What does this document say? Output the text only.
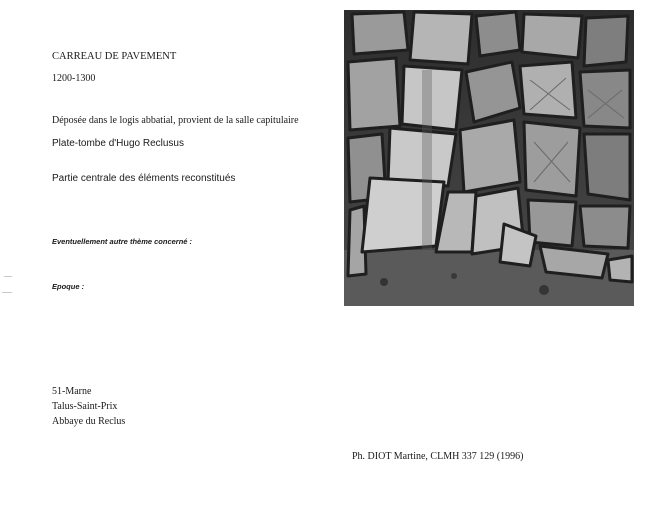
CARREAU DE PAVEMENT
1200-1300
Déposée dans le logis abbatial, provient de la salle capitulaire
Plate-tombe d'Hugo Reclusus
Partie centrale des éléments reconstitués
Eventuellement autre thème concerné :
Epoque :
51-Marne
Talus-Saint-Prix
Abbaye du Reclus
Ph. DIOT Martine, CLMH 337 129 (1996)
